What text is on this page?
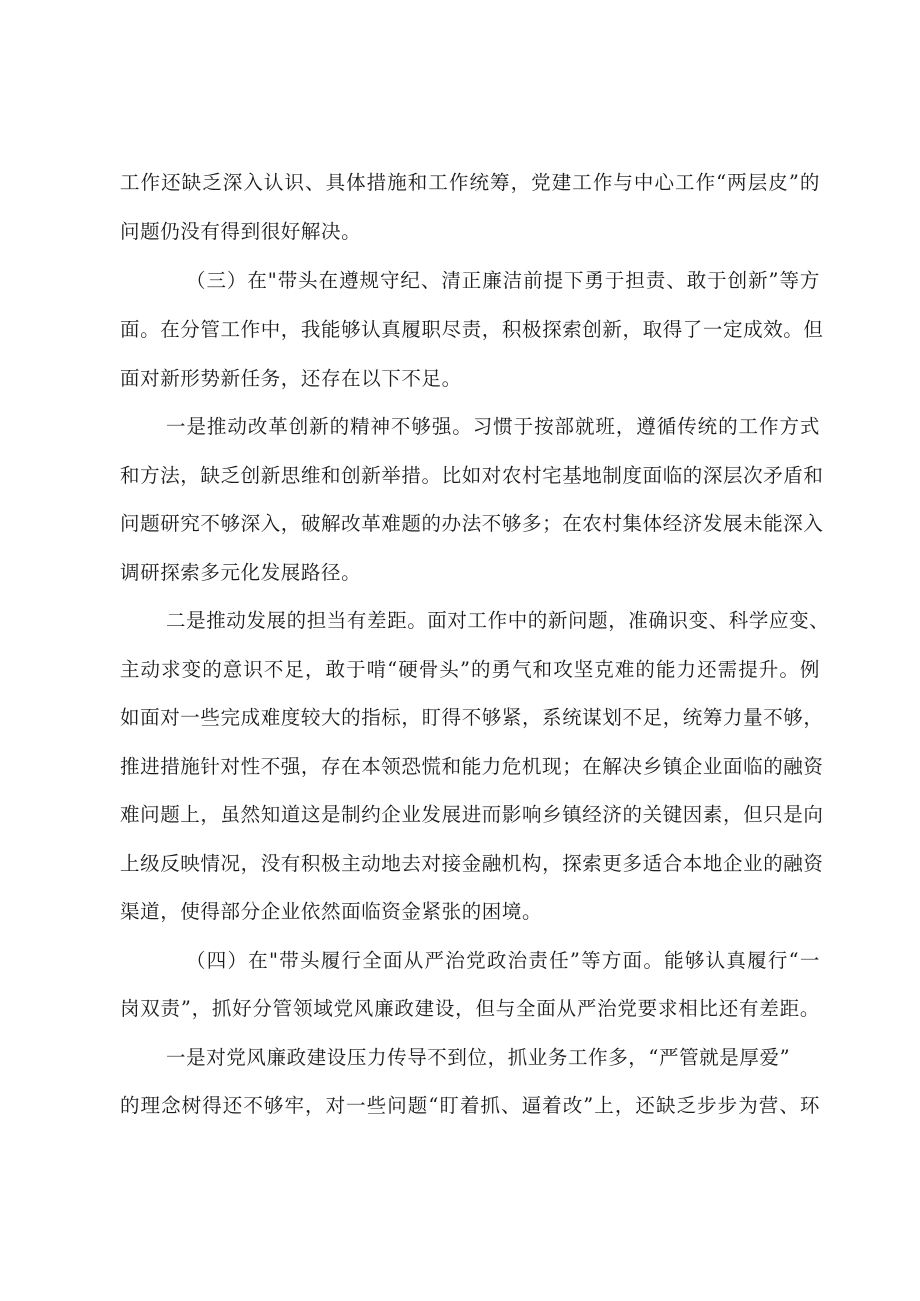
工作还缺乏深入认识、具体措施和工作统筹，党建工作与中心工作“两层皮”的

问题仍没有得到很好解决。

（三）在"带头在遵规守纪、清正廉洁前提下勇于担责、敢于创新”等方

面。在分管工作中，我能够认真履职尽责，积极探索创新，取得了一定成效。但

面对新形势新任务，还存在以下不足。

一是推动改革创新的精神不够强。习惯于按部就班，遵循传统的工作方式

和方法，缺乏创新思维和创新举措。比如对农村宅基地制度面临的深层次矛盾和

问题研究不够深入，破解改革难题的办法不够多；在农村集体经济发展未能深入

调研探索多元化发展路径。

二是推动发展的担当有差距。面对工作中的新问题，准确识变、科学应变、

主动求变的意识不足，敢于啃“硬骨头”的勇气和攻坚克难的能力还需提升。例

如面对一些完成难度较大的指标，盯得不够紧，系统谋划不足，统筹力量不够，

推进措施针对性不强，存在本领恐慌和能力危机现；在解决乡镇企业面临的融资

难问题上，虽然知道这是制约企业发展进而影响乡镇经济的关键因素，但只是向

上级反映情况，没有积极主动地去对接金融机构，探索更多适合本地企业的融资

渠道，使得部分企业依然面临资金紧张的困境。

（四）在"带头履行全面从严治党政治责任”等方面。能够认真履行“一

岗双责”，抓好分管领域党风廉政建设，但与全面从严治党要求相比还有差距。

一是对党风廉政建设压力传导不到位，抓业务工作多，“严管就是厚爱”

的理念树得还不够牢，对一些问题“盯着抓、逼着改”上，还缺乏步步为营、环
